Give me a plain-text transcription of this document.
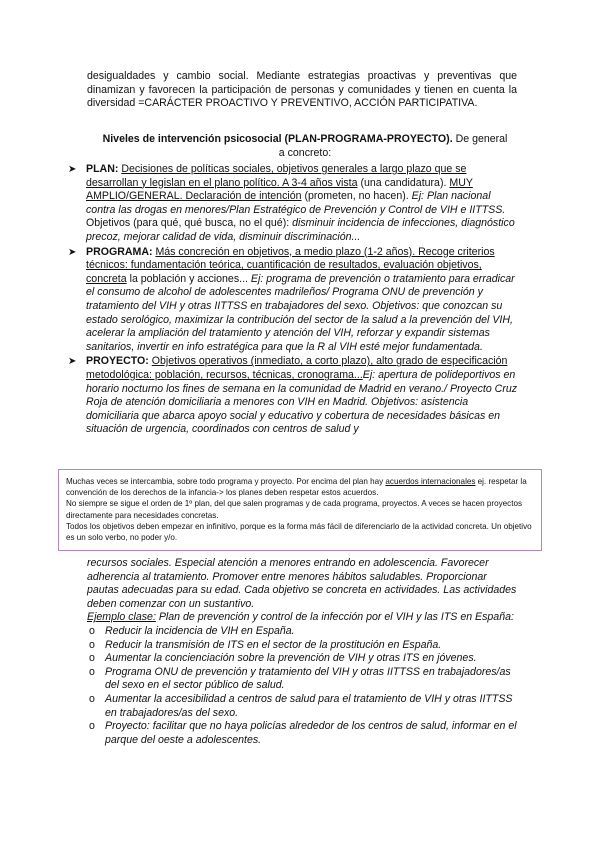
desigualdades y cambio social. Mediante estrategias proactivas y preventivas que dinamizan y favorecen la participación de personas y comunidades y tienen en cuenta la diversidad =CARÁCTER PROACTIVO Y PREVENTIVO, ACCIÓN PARTICIPATIVA.
Niveles de intervención psicosocial (PLAN-PROGRAMA-PROYECTO). De general a concreto:
➤ PLAN: Decisiones de políticas sociales, objetivos generales a largo plazo que se desarrollan y legislan en el plano político. A 3-4 años vista (una candidatura). MUY AMPLIO/GENERAL. Declaración de intención (prometen, no hacen). Ej: Plan nacional contra las drogas en menores/Plan Estratégico de Prevención y Control de VIH e IITTSS. Objetivos (para qué, qué busca, no el qué): disminuir incidencia de infecciones, diagnóstico precoz, mejorar calidad de vida, disminuir discriminación...
➤ PROGRAMA: Más concreción en objetivos, a medio plazo (1-2 años). Recoge criterios técnicos: fundamentación teórica, cuantificación de resultados, evaluación objetivos, concreta la población y acciones... Ej: programa de prevención o tratamiento para erradicar el consumo de alcohol de adolescentes madrileños/ Programa ONU de prevención y tratamiento del VIH y otras IITTSS en trabajadores del sexo. Objetivos: que conozcan su estado serológico, maximizar la contribución del sector de la salud a la prevención del VIH, acelerar la ampliación del tratamiento y atención del VIH, reforzar y expandir sistemas sanitarios, invertir en info estratégica para que la R al VIH esté mejor fundamentada.
➤ PROYECTO: Objetivos operativos (inmediato, a corto plazo), alto grado de especificación metodológica: población, recursos, técnicas, cronograma...Ej: apertura de polideportivos en horario nocturno los fines de semana en la comunidad de Madrid en verano./ Proyecto Cruz Roja de atención domiciliaria a menores con VIH en Madrid. Objetivos: asistencia domiciliaria que abarca apoyo social y educativo y cobertura de necesidades básicas en situación de urgencia, coordinados con centros de salud y

Muchas veces se intercambia, sobre todo programa y proyecto. Por encima del plan hay acuerdos internacionales ej. respetar la convención de los derechos de la infancia-> los planes deben respetar estos acuerdos.

No siempre se sigue el orden de 1º plan, del que salen programas y de cada programa, proyectos. A veces se hacen proyectos directamente para necesidades concretas.

Todos los objetivos deben empezar en infinitivo, porque es la forma más fácil de diferenciarlo de la actividad concreta. Un objetivo es un solo verbo, no poder y/o.

recursos sociales. Especial atención a menores entrando en adolescencia. Favorecer adherencia al tratamiento. Promover entre menores hábitos saludables. Proporcionar pautas adecuadas para su edad. Cada objetivo se concreta en actividades. Las actividades deben comenzar con un sustantivo.

Ejemplo clase: Plan de prevención y control de la infección por el VIH y las ITS en España:

o Reducir la incidencia de VIH en España.
o Reducir la transmisión de ITS en el sector de la prostitución en España.
o Aumentar la concienciación sobre la prevención de VIH y otras ITS en jóvenes.
o Programa ONU de prevención y tratamiento del VIH y otras IITTSS en trabajadores/as del sexo en el sector público de salud.
o Aumentar la accesibilidad a centros de salud para el tratamiento de VIH y otras IITTSS en trabajadores/as del sexo.
o Proyecto: facilitar que no haya policías alrededor de los centros de salud, informar en el parque del oeste a adolescentes.
